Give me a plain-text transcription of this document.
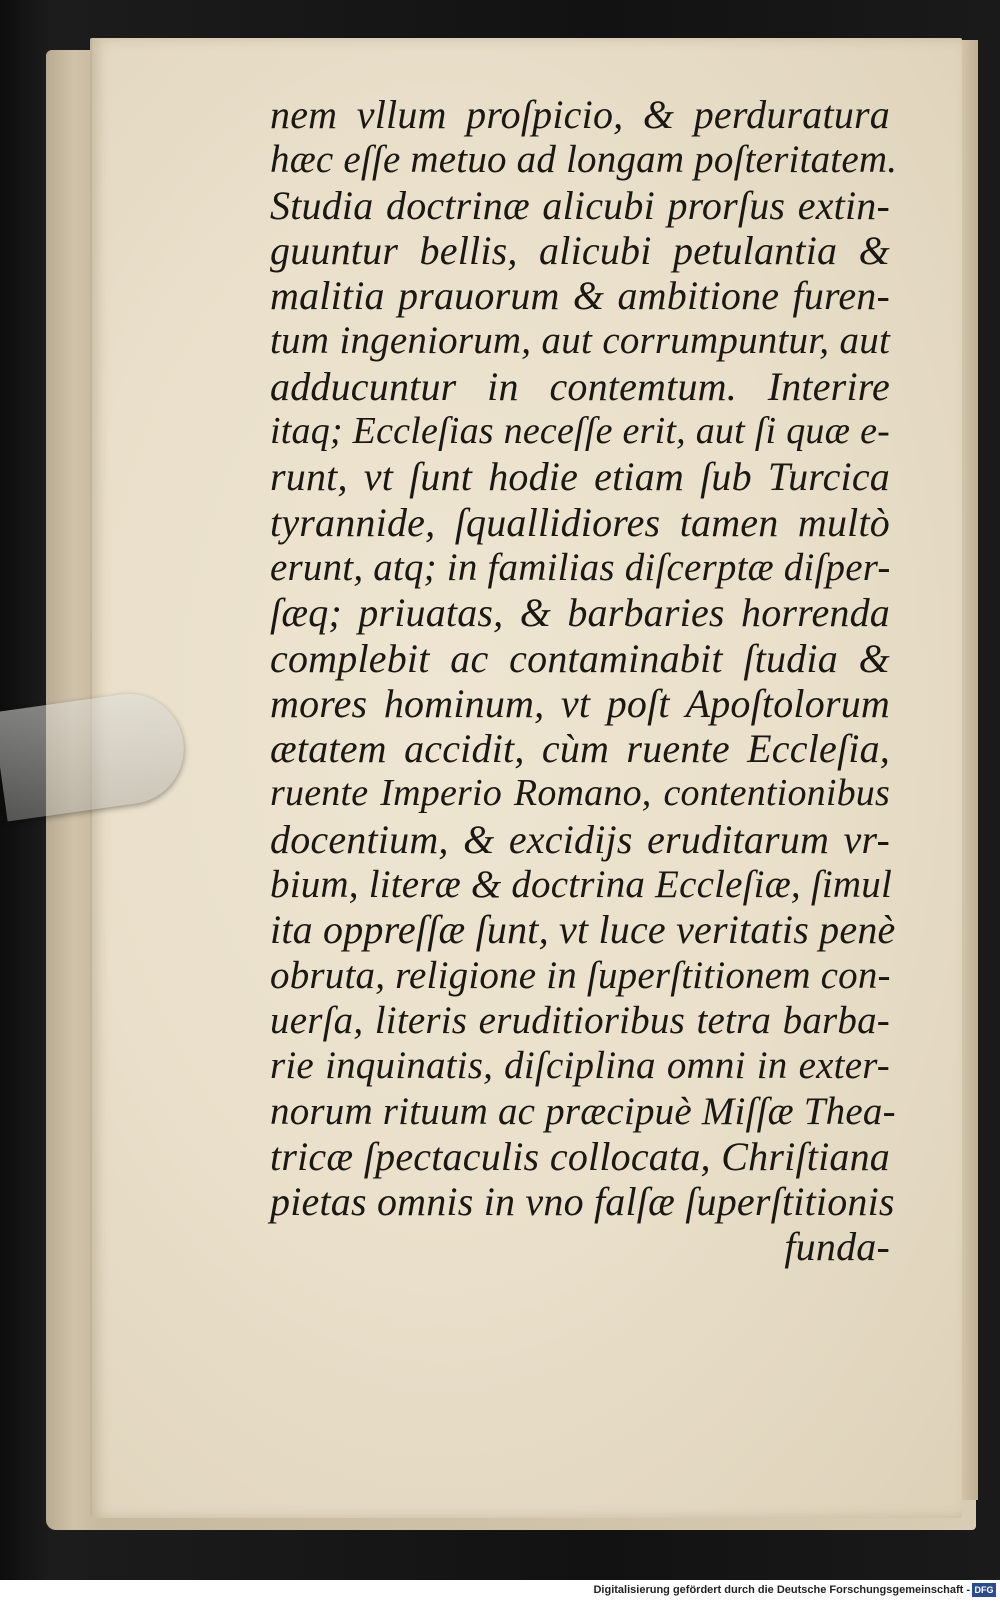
nem vllum proſpicio, & perduratura
hæc eſſe metuo ad longam poſteritatem.
Studia doctrinæ alicubi prorſus extin-
guuntur bellis, alicubi petulantia &
malitia prauorum & ambitione furen-
tum ingeniorum, aut corrumpuntur, aut
adducuntur in contemtum. Interire
itaq; Eccleſias neceſſe erit, aut ſi quæ e-
runt, vt ſunt hodie etiam ſub Turcica
tyrannide, ſquallidiores tamen multò
erunt, atq; in familias diſcerptæ diſper-
ſæq; priuatas, & barbaries horrenda
complebit ac contaminabit ſtudia &
mores hominum, vt poſt Apoſtolorum
ætatem accidit, cùm ruente Eccleſia,
ruente Imperio Romano, contentionibus
docentium, & excidijs eruditarum vr-
bium, literæ & doctrina Eccleſiæ, ſimul
ita oppreſſæ ſunt, vt luce veritatis penè
obruta, religione in ſuperſtitionem con-
uerſa, literis eruditioribus tetra barba-
rie inquinatis, diſciplina omni in exter-
norum rituum ac præcipuè Miſſæ Thea-
tricæ ſpectaculis collocata, Chriſtiana
pietas omnis in vno falſæ ſuperſtitionis
funda-
Digitalisierung gefördert durch die Deutsche Forschungsgemeinschaft - DFG
